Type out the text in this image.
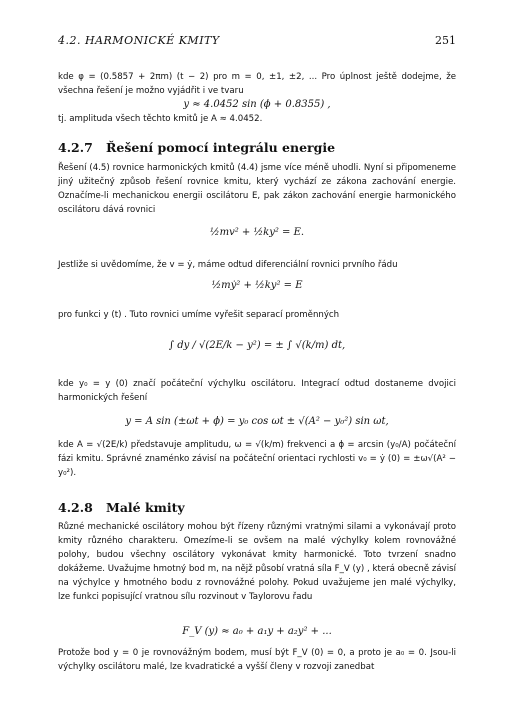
4.2. HARMONICKÉ KMITY	251
kde φ = (0.5857 + 2πm) (t − 2) pro m = 0, ±1, ±2, ... Pro úplnost ještě dodejme, že všechna řešení je možno vyjádřit i ve tvaru
y ≈ 4.0452 sin (ϕ + 0.8355) ,
tj. amplituda všech těchto kmitů je A ≈ 4.0452.
4.2.7 Řešení pomocí integrálu energie
Řešení (4.5) rovnice harmonických kmitů (4.4) jsme více méně uhodli. Nyní si připomeneme jiný užitečný způsob řešení rovnice kmitu, který vychází ze zákona zachování energie. Označíme-li mechanickou energii oscilátoru E, pak zákon zachování energie harmonického oscilátoru dává rovnici
½mv² + ½ky² = E.
Jestliže si uvědomíme, že v = ẏ, máme odtud diferenciální rovnici prvního řádu
½mẏ² + ½ky² = E
pro funkci y (t) . Tuto rovnici umíme vyřešit separací proměnných
∫ dy / √(2E/k − y²) = ± ∫ √(k/m) dt,
kde y₀ = y (0) značí počáteční výchylku oscilátoru. Integrací odtud dostaneme dvojici harmonických řešení
y = A sin (±ωt + ϕ) = y₀ cos ωt ± √(A² − y₀²) sin ωt,
kde A = √(2E/k) představuje amplitudu, ω = √(k/m) frekvenci a ϕ = arcsin (y₀/A) počáteční fázi kmitu. Správné znaménko závisí na počáteční orientaci rychlosti v₀ = ẏ (0) = ±ω√(A² − y₀²).
4.2.8 Malé kmity
Různé mechanické oscilátory mohou být řízeny různými vratnými silami a vykonávají proto kmity různého charakteru. Omezíme-li se ovšem na malé výchylky kolem rovnovážné polohy, budou všechny oscilátory vykonávat kmity harmonické. Toto tvrzení snadno dokážeme. Uvažujme hmotný bod m, na nějž působí vratná síla F_V (y) , která obecně závisí na výchylce y hmotného bodu z rovnovážné polohy. Pokud uvažujeme jen malé výchylky, lze funkci popisující vratnou sílu rozvinout v Taylorovu řadu
F_V (y) ≈ a₀ + a₁y + a₂y² + ...
Protože bod y = 0 je rovnovážným bodem, musí být F_V (0) = 0, a proto je a₀ = 0. Jsou-li výchylky oscilátoru malé, lze kvadratické a vyšší členy v rozvoji zanedbat
